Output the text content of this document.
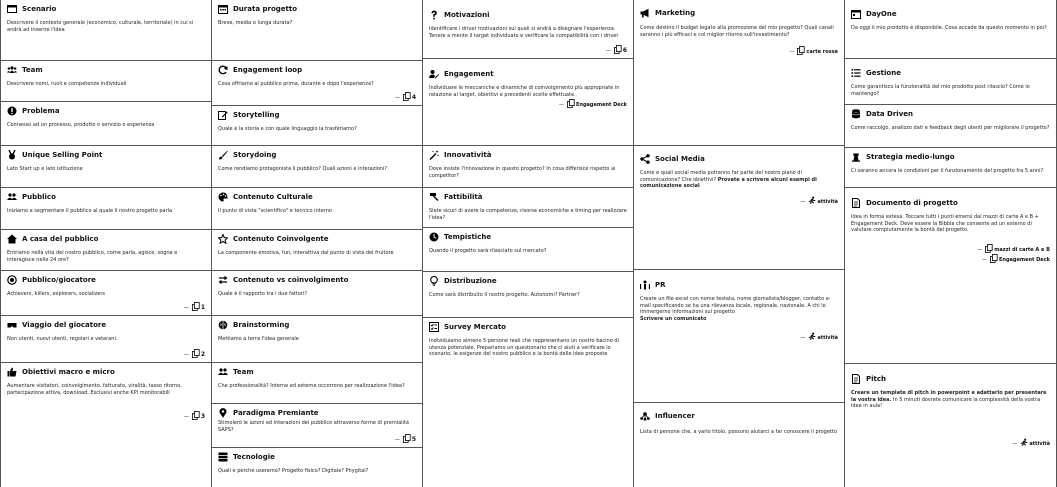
Scenario
Descrivere il contesto generale (economico, culturale, territoriale) in cui si andrà ad inserire l'idea
Team
Descrivere nomi, ruoli e competenze individuali
Problema
Connesso ad un processo, prodotto o servizio o esperienza
Unique Selling Point
Lato Start up e lato istituzione
Pubblico
Iniziamo a segmentare il pubblico al quale il nostro progetto parla
A casa del pubblico
Entriamo nella vita del nostro pubblico, come parla, agisce, sogna e interagisce nelle 24 ore?
Pubblico/giocatore
Achievers, killers, explorers, socializers
— 1
Viaggio del giocatore
Non utenti, nuovi utenti, regolari e veterani.
— 2
Obiettivi macro e micro
Aumentare visitatori, coinvolgimento, fatturato, viralità, tasso ritorno, partecipazione attiva, download. Esclusivi anche KPI monitorabili
— 3
Durata progetto
Breve, media o lunga durata?
Engagement loop
Cosa offriamo al pubblico prima, durante e dopo l'esperienza?
— 4
Storytelling
Quale è la storia e con quale linguaggio la trasferiamo?
Storydoing
Come rendiamo protagonista il pubblico? Quali azioni e interazioni?
Contenuto Culturale
Il punto di vista "scientifico" e tecnico interno
Contenuto Coinvolgente
La componente emotiva, fun, interattiva dal punto di vista del fruitore
Contenuto vs coinvolgimento
Quale è il rapporto tra i due fattori?
Brainstorming
Mettiamo a terra l'idea generale
Team
Che professionalità? Interne ed esterne occorrono per realizzazione l'idea?
Paradigma Premiante
Stimolerò le azioni ed interazioni del pubblico attraverso forme di premialità SAPS?
— 5
Tecnologie
Quali e perché useremo? Progetto fisico? Digitale? Phygital?
Motivazioni
Identificare i driver motivazioni sui quali si andrà a disegnare l'esperienza. Tenere a mente il target individuato e verificare la compatibilità con i driver
— 6
Engagement
Individuare le meccaniche e dinamiche di coinvolgimento più appropriate in relazione al target, obiettivi e precedenti scelte effettuate.
— Engagement Deck
Innovatività
Dove insiste l'innovazione in questo progetto? In cosa differisce rispetto ai competitor?
Fattibilità
Siete sicuri di avere le competenze, risorse economiche e timing per realizzare l'idea?
Tempistiche
Quando il progetto sarà rilasciato sul mercato?
Distribuzione
Come sarà distribuito il nostro progetto. Autonomi? Partner?
Survey Mercato
Individuiamo almeno 5 persone reali che rappresentano un nostro bacino di utenza potenziale. Prepariamo un questionario che ci aiuti a verificare lo scenario, le esigenze del nostro pubblico e la bontà delle idee proposte
Marketing
Come destino il budget legato alla promozione del mio progetto? Quali canali saranno i più efficaci e col miglior ritorno sull'investimento?
— carte rosse
Social Media
Come e quali social media potranno far parte del nostro piano di comunicazione? Che obiettivi? Provate a scrivere alcuni esempi di comunicazione social
— attività
PR
Creare un file excel con nome testata, nome giornalista/blogger, contatto e-mail specificando se ha una rilevanza locale, regionale, nazionale. A chi lo immergerno informazioni sul progetto
Scrivere un comunicato
— attività
Influencer
Lista di persone che, a vario titolo, possono aiutarci a far conoscere il progetto
DayOne
Da oggi il mio prodotto è disponibile. Cosa accade da questo momento in poi?
Gestione
Come garantisco la funzionalità del mio prodotto post rilascio? Come lo mantengo?
Data Driven
Come raccolgo, analizzo dati e feedback degli utenti per migliorare il progetto?
Strategia medio-lungo
Ci saranno ancora le condizioni per il funzionamento del progetto fra 5 anni?
Documento di progetto
Idea in forma estesa. Toccare tutti i punti emersi dai mazzi di carte A e B + Engagement Deck. Deve essere la Bibbia che consente ad un esterno di valutare compiutamente la bontà del progetto.
— mazzi di carte A e B
— Engagement Deck
Pitch
Creare un template di pitch in powerpoint e adattarlo per presentare la vostra idea. In 5 minuti dovrete comunicare la complessità della vostra idea in aula!
— attività
